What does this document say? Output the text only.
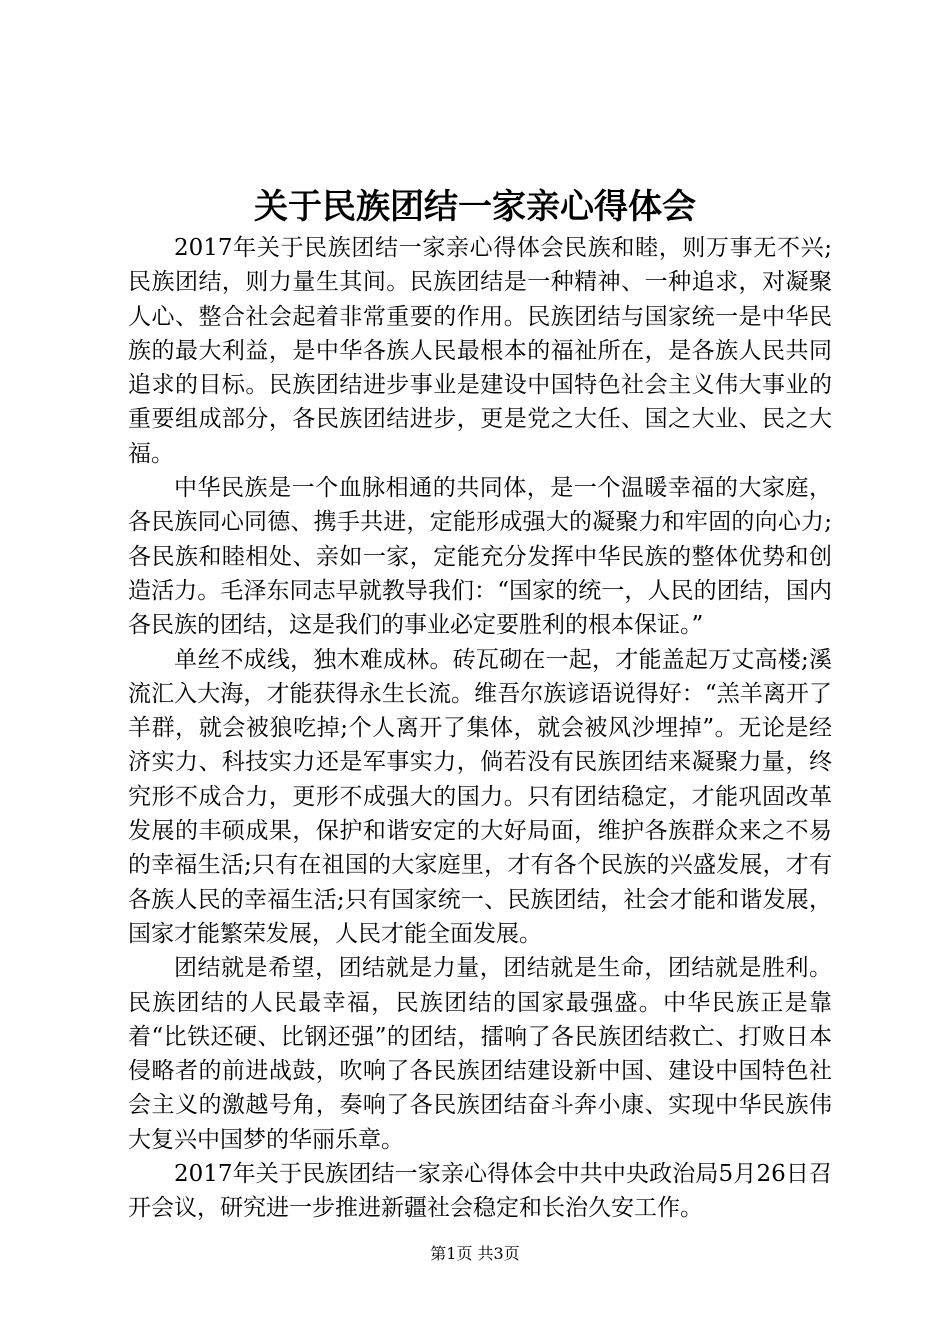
关于民族团结一家亲心得体会

2017年关于民族团结一家亲心得体会民族和睦，则万事无不兴;民族团结，则力量生其间。民族团结是一种精神、一种追求，对凝聚人心、整合社会起着非常重要的作用。民族团结与国家统一是中华民族的最大利益，是中华各族人民最根本的福祉所在，是各族人民共同追求的目标。民族团结进步事业是建设中国特色社会主义伟大事业的重要组成部分，各民族团结进步，更是党之大任、国之大业、民之大福。

中华民族是一个血脉相通的共同体，是一个温暖幸福的大家庭，各民族同心同德、携手共进，定能形成强大的凝聚力和牢固的向心力;各民族和睦相处、亲如一家，定能充分发挥中华民族的整体优势和创造活力。毛泽东同志早就教导我们：“国家的统一，人民的团结，国内各民族的团结，这是我们的事业必定要胜利的根本保证。”

单丝不成线，独木难成林。砖瓦砌在一起，才能盖起万丈高楼;溪流汇入大海，才能获得永生长流。维吾尔族谚语说得好：“羔羊离开了羊群，就会被狼吃掉;个人离开了集体，就会被风沙埋掉”。无论是经济实力、科技实力还是军事实力，倘若没有民族团结来凝聚力量，终究形不成合力，更形不成强大的国力。只有团结稳定，才能巩固改革发展的丰硕成果，保护和谐安定的大好局面，维护各族群众来之不易的幸福生活;只有在祖国的大家庭里，才有各个民族的兴盛发展，才有各族人民的幸福生活;只有国家统一、民族团结，社会才能和谐发展，国家才能繁荣发展，人民才能全面发展。

团结就是希望，团结就是力量，团结就是生命，团结就是胜利。民族团结的人民最幸福，民族团结的国家最强盛。中华民族正是靠着“比铁还硬、比钢还强”的团结，擂响了各民族团结救亡、打败日本侵略者的前进战鼓，吹响了各民族团结建设新中国、建设中国特色社会主义的激越号角，奏响了各民族团结奋斗奔小康、实现中华民族伟大复兴中国梦的华丽乐章。

2017年关于民族团结一家亲心得体会中共中央政治局5月26日召开会议，研究进一步推进新疆社会稳定和长治久安工作。

第1页 共3页
